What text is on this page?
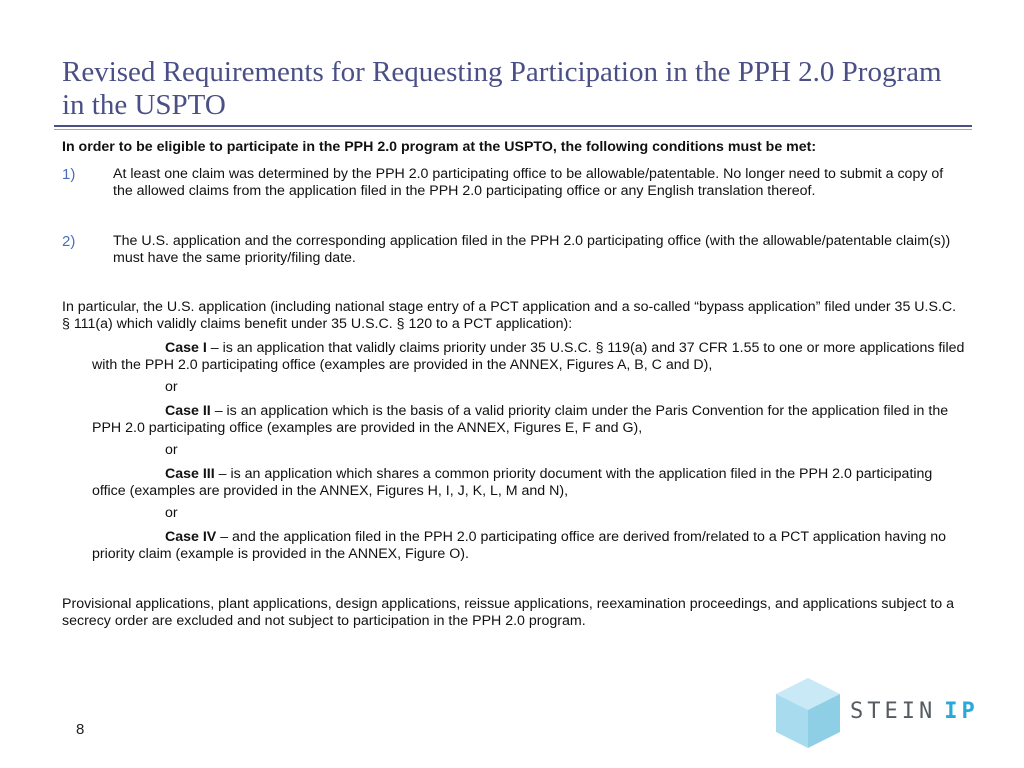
Revised Requirements for Requesting Participation in the PPH 2.0 Program in the USPTO

In order to be eligible to participate in the PPH 2.0 program at the USPTO, the following conditions must be met:

1)	At least one claim was determined by the PPH 2.0 participating office to be allowable/patentable. No longer need to submit a copy of the allowed claims from the application filed in the PPH 2.0 participating office or any English translation thereof.
2)	The U.S. application and the corresponding application filed in the PPH 2.0 participating office (with the allowable/patentable claim(s)) must have the same priority/filing date.

In particular, the U.S. application (including national stage entry of a PCT application and a so-called “bypass application” filed under 35 U.S.C. § 111(a) which validly claims benefit under 35 U.S.C. § 120 to a PCT application):

Case I – is an application that validly claims priority under 35 U.S.C. § 119(a) and 37 CFR 1.55 to one or more applications filed with the PPH 2.0 participating office (examples are provided in the ANNEX, Figures A, B, C and D),

or

Case II – is an application which is the basis of a valid priority claim under the Paris Convention for the application filed in the PPH 2.0 participating office (examples are provided in the ANNEX, Figures E, F and G),

or

Case III – is an application which shares a common priority document with the application filed in the PPH 2.0 participating office (examples are provided in the ANNEX, Figures H, I, J, K, L, M and N),

or

Case IV – and the application filed in the PPH 2.0 participating office are derived from/related to a PCT application having no priority claim (example is provided in the ANNEX, Figure O).

Provisional applications, plant applications, design applications, reissue applications, reexamination proceedings, and applications subject to a secrecy order are excluded and not subject to participation in the PPH 2.0 program.

8
STEIN IP
